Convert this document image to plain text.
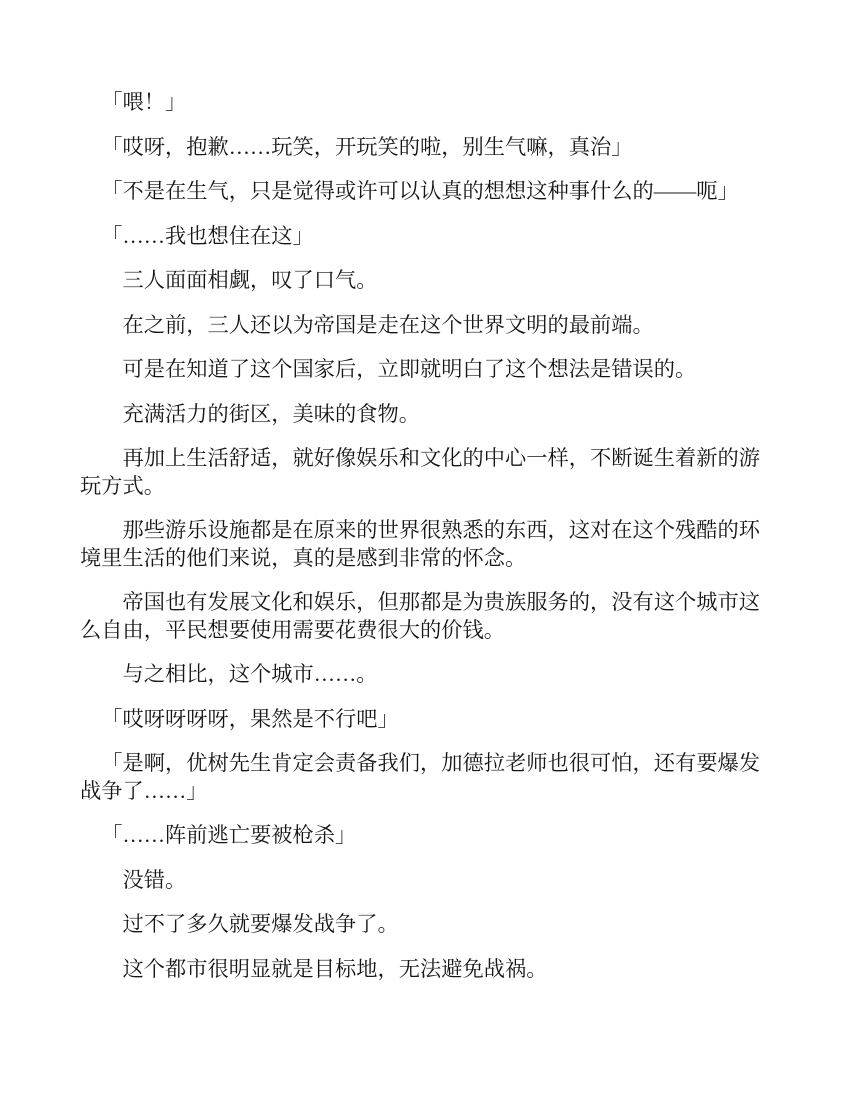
「喂！」

「哎呀，抱歉……玩笑，开玩笑的啦，别生气嘛，真治」

「不是在生气，只是觉得或许可以认真的想想这种事什么的——呃」

「……我也想住在这」

三人面面相觑，叹了口气。

在之前，三人还以为帝国是走在这个世界文明的最前端。

可是在知道了这个国家后，立即就明白了这个想法是错误的。

充满活力的街区，美味的食物。

再加上生活舒适，就好像娱乐和文化的中心一样，不断诞生着新的游玩方式。

那些游乐设施都是在原来的世界很熟悉的东西，这对在这个残酷的环境里生活的他们来说，真的是感到非常的怀念。

帝国也有发展文化和娱乐，但那都是为贵族服务的，没有这个城市这么自由，平民想要使用需要花费很大的价钱。

与之相比，这个城市……。

「哎呀呀呀呀，果然是不行吧」

「是啊，优树先生肯定会责备我们，加德拉老师也很可怕，还有要爆发战争了……」

「……阵前逃亡要被枪杀」

没错。

过不了多久就要爆发战争了。

这个都市很明显就是目标地，无法避免战祸。
